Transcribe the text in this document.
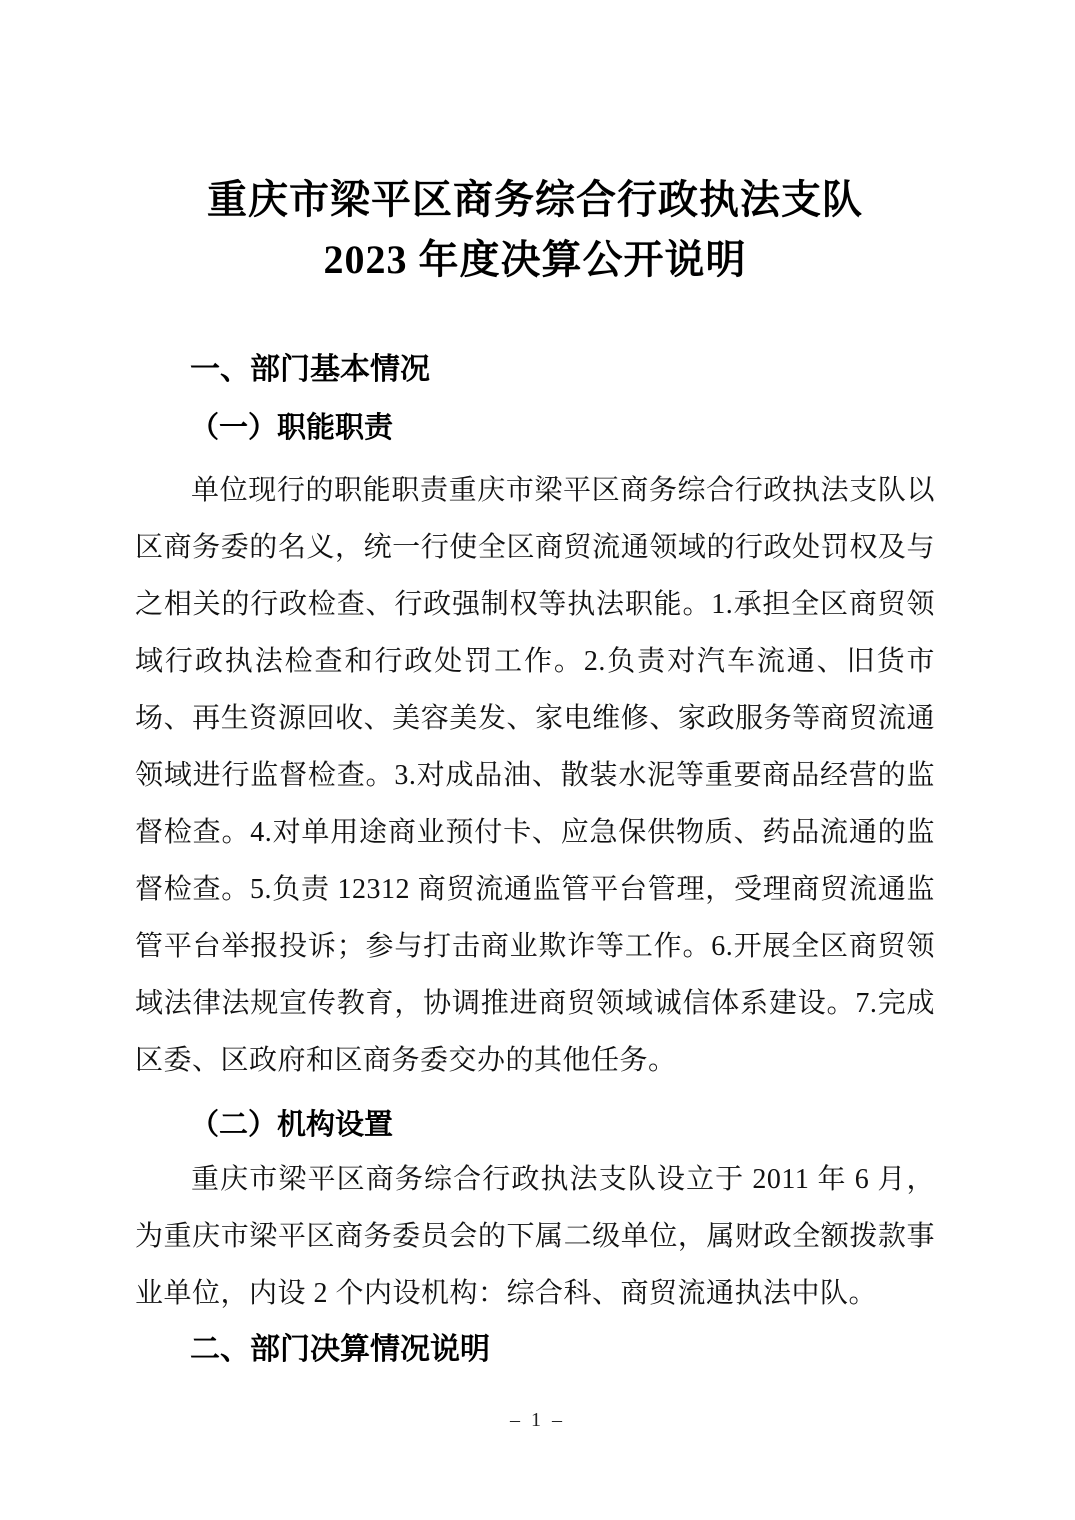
重庆市梁平区商务综合行政执法支队
2023 年度决算公开说明
一、部门基本情况
（一）职能职责
单位现行的职能职责重庆市梁平区商务综合行政执法支队以区商务委的名义，统一行使全区商贸流通领域的行政处罚权及与之相关的行政检查、行政强制权等执法职能。1.承担全区商贸领域行政执法检查和行政处罚工作。2.负责对汽车流通、旧货市场、再生资源回收、美容美发、家电维修、家政服务等商贸流通领域进行监督检查。3.对成品油、散装水泥等重要商品经营的监督检查。4.对单用途商业预付卡、应急保供物质、药品流通的监督检查。5.负责 12312 商贸流通监管平台管理，受理商贸流通监管平台举报投诉；参与打击商业欺诈等工作。6.开展全区商贸领域法律法规宣传教育，协调推进商贸领域诚信体系建设。7.完成区委、区政府和区商务委交办的其他任务。
（二）机构设置
重庆市梁平区商务综合行政执法支队设立于 2011 年 6 月，为重庆市梁平区商务委员会的下属二级单位，属财政全额拨款事业单位，内设 2 个内设机构：综合科、商贸流通执法中队。
二、部门决算情况说明
– 1 –
